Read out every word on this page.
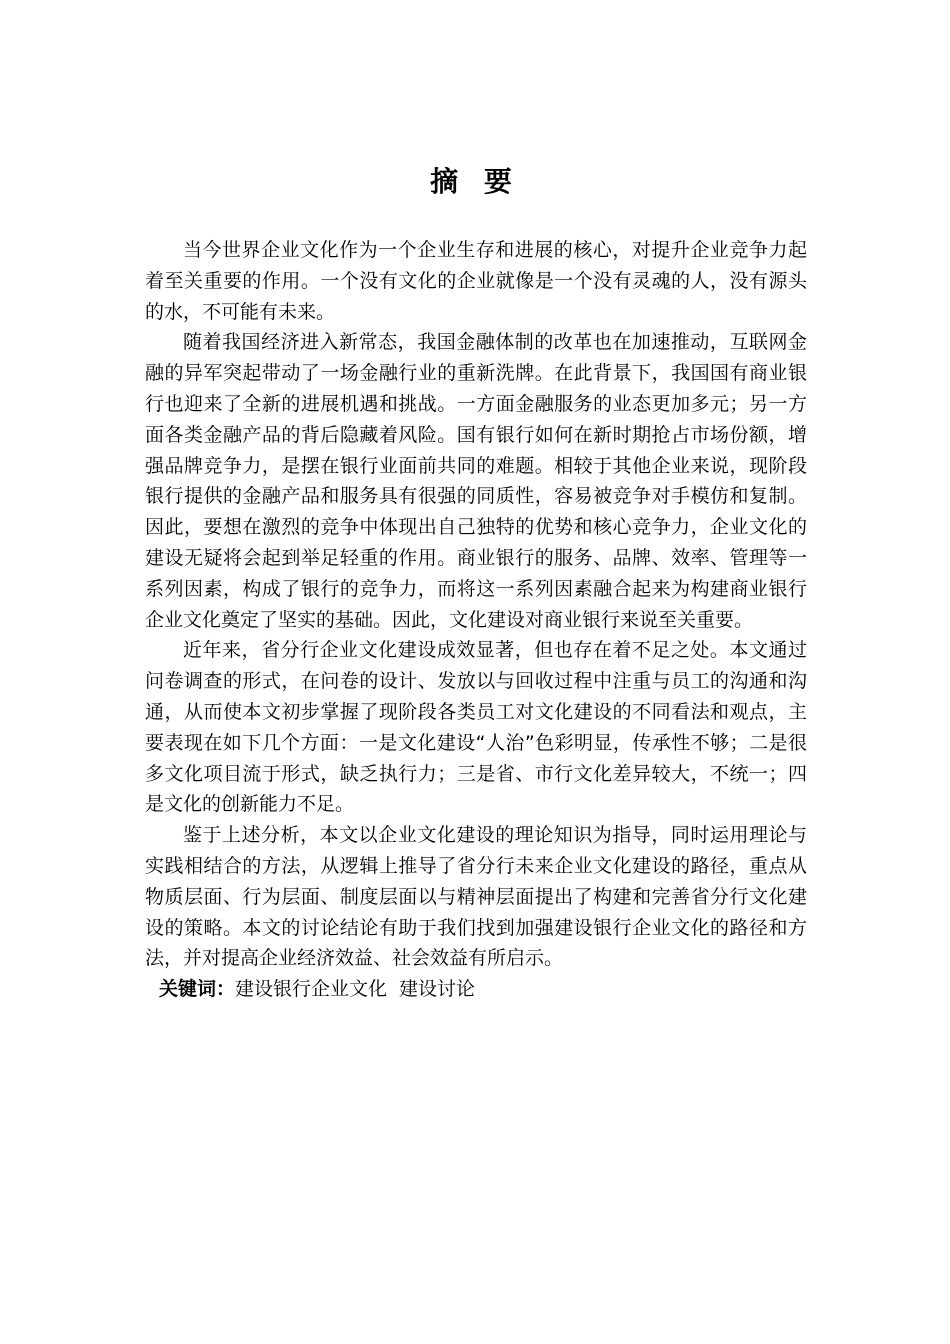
摘 要

当今世界企业文化作为一个企业生存和进展的核心，对提升企业竞争力起着至关重要的作用。一个没有文化的企业就像是一个没有灵魂的人，没有源头的水，不可能有未来。

随着我国经济进入新常态，我国金融体制的改革也在加速推动，互联网金融的异军突起带动了一场金融行业的重新洗牌。在此背景下，我国国有商业银行也迎来了全新的进展机遇和挑战。一方面金融服务的业态更加多元；另一方面各类金融产品的背后隐藏着风险。国有银行如何在新时期抢占市场份额，增强品牌竞争力，是摆在银行业面前共同的难题。相较于其他企业来说，现阶段银行提供的金融产品和服务具有很强的同质性，容易被竞争对手模仿和复制。因此，要想在激烈的竞争中体现出自己独特的优势和核心竞争力，企业文化的建设无疑将会起到举足轻重的作用。商业银行的服务、品牌、效率、管理等一系列因素，构成了银行的竞争力，而将这一系列因素融合起来为构建商业银行企业文化奠定了坚实的基础。因此，文化建设对商业银行来说至关重要。

近年来，省分行企业文化建设成效显著，但也存在着不足之处。本文通过问卷调查的形式，在问卷的设计、发放以与回收过程中注重与员工的沟通和沟通，从而使本文初步掌握了现阶段各类员工对文化建设的不同看法和观点，主要表现在如下几个方面：一是文化建设“人治”色彩明显，传承性不够；二是很多文化项目流于形式，缺乏执行力；三是省、市行文化差异较大，不统一；四是文化的创新能力不足。

鉴于上述分析，本文以企业文化建设的理论知识为指导，同时运用理论与实践相结合的方法，从逻辑上推导了省分行未来企业文化建设的路径，重点从物质层面、行为层面、制度层面以与精神层面提出了构建和完善省分行文化建设的策略。本文的讨论结论有助于我们找到加强建设银行企业文化的路径和方法，并对提高企业经济效益、社会效益有所启示。

关键词：建设银行企业文化 建设讨论
